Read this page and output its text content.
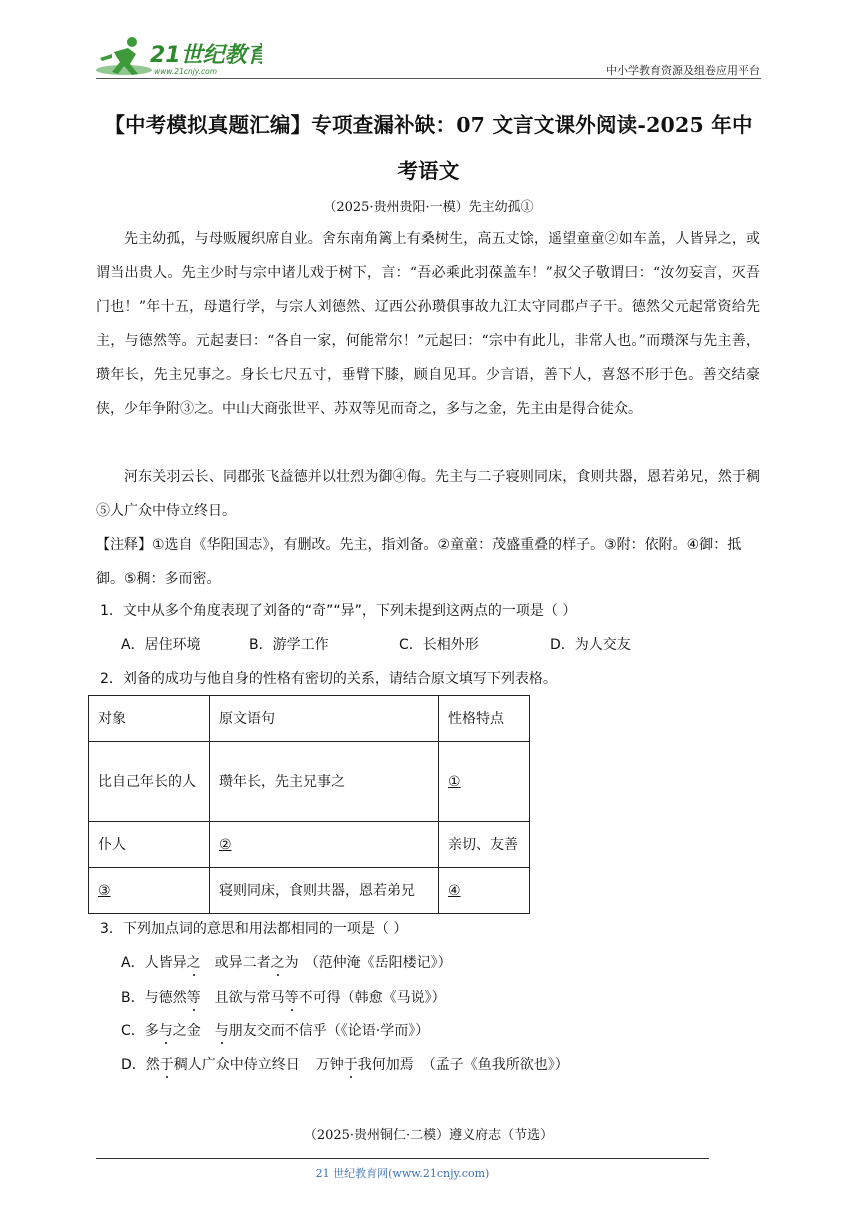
21世纪教育
www.21cnjy.com	中小学教育资源及组卷应用平台
【中考模拟真题汇编】专项查漏补缺：07 文言文课外阅读-2025 年中
考语文
（2025·贵州贵阳·一模）先主幼孤①
先主幼孤，与母贩履织席自业。舍东南角篱上有桑树生，高五丈馀，遥望童童②如车盖，人皆异之，或谓当出贵人。先主少时与宗中诸儿戏于树下，言：“吾必乘此羽葆盖车！”叔父子敬谓曰：“汝勿妄言，灭吾门也！”年十五，母遣行学，与宗人刘德然、辽西公孙瓒俱事故九江太守同郡卢子干。德然父元起常资给先主，与德然等。元起妻曰：“各自一家，何能常尔！”元起曰：“宗中有此儿，非常人也。”而瓒深与先主善，瓒年长，先主兄事之。身长七尺五寸，垂臂下膝，顾自见耳。少言语，善下人，喜怒不形于色。善交结豪侠，少年争附③之。中山大商张世平、苏双等见而奇之，多与之金，先主由是得合徒众。
河东关羽云长、同郡张飞益德并以壮烈为御④侮。先主与二子寝则同床，食则共器，恩若弟兄，然于稠⑤人广众中侍立终日。
【注释】①选自《华阳国志》，有删改。先主，指刘备。②童童：茂盛重叠的样子。③附：依附。④御：抵御。⑤稠：多而密。
1．文中从多个角度表现了刘备的“奇”“异”，下列未提到这两点的一项是（ ）
A．居住环境	B．游学工作	C．长相外形	D．为人交友
2．刘备的成功与他自身的性格有密切的关系，请结合原文填写下列表格。
对象	原文语句	性格特点
比自己年长的人	瓒年长，先主兄事之	①
仆人	②	亲切、友善
③	寝则同床，食则共器，恩若弟兄	④
3．下列加点词的意思和用法都相同的一项是（ ）
A．人皆异之 或异二者之为 （范仲淹《岳阳楼记》）
B．与德然等 且欲与常马等不可得（韩愈《马说》）
C．多与之金 与朋友交而不信乎（《论语·学而》）
D．然于稠人广众中侍立终日 万钟于我何加焉 （孟子《鱼我所欲也》）
（2025·贵州铜仁·二模）遵义府志（节选）
21 世纪教育网(www.21cnjy.com)
